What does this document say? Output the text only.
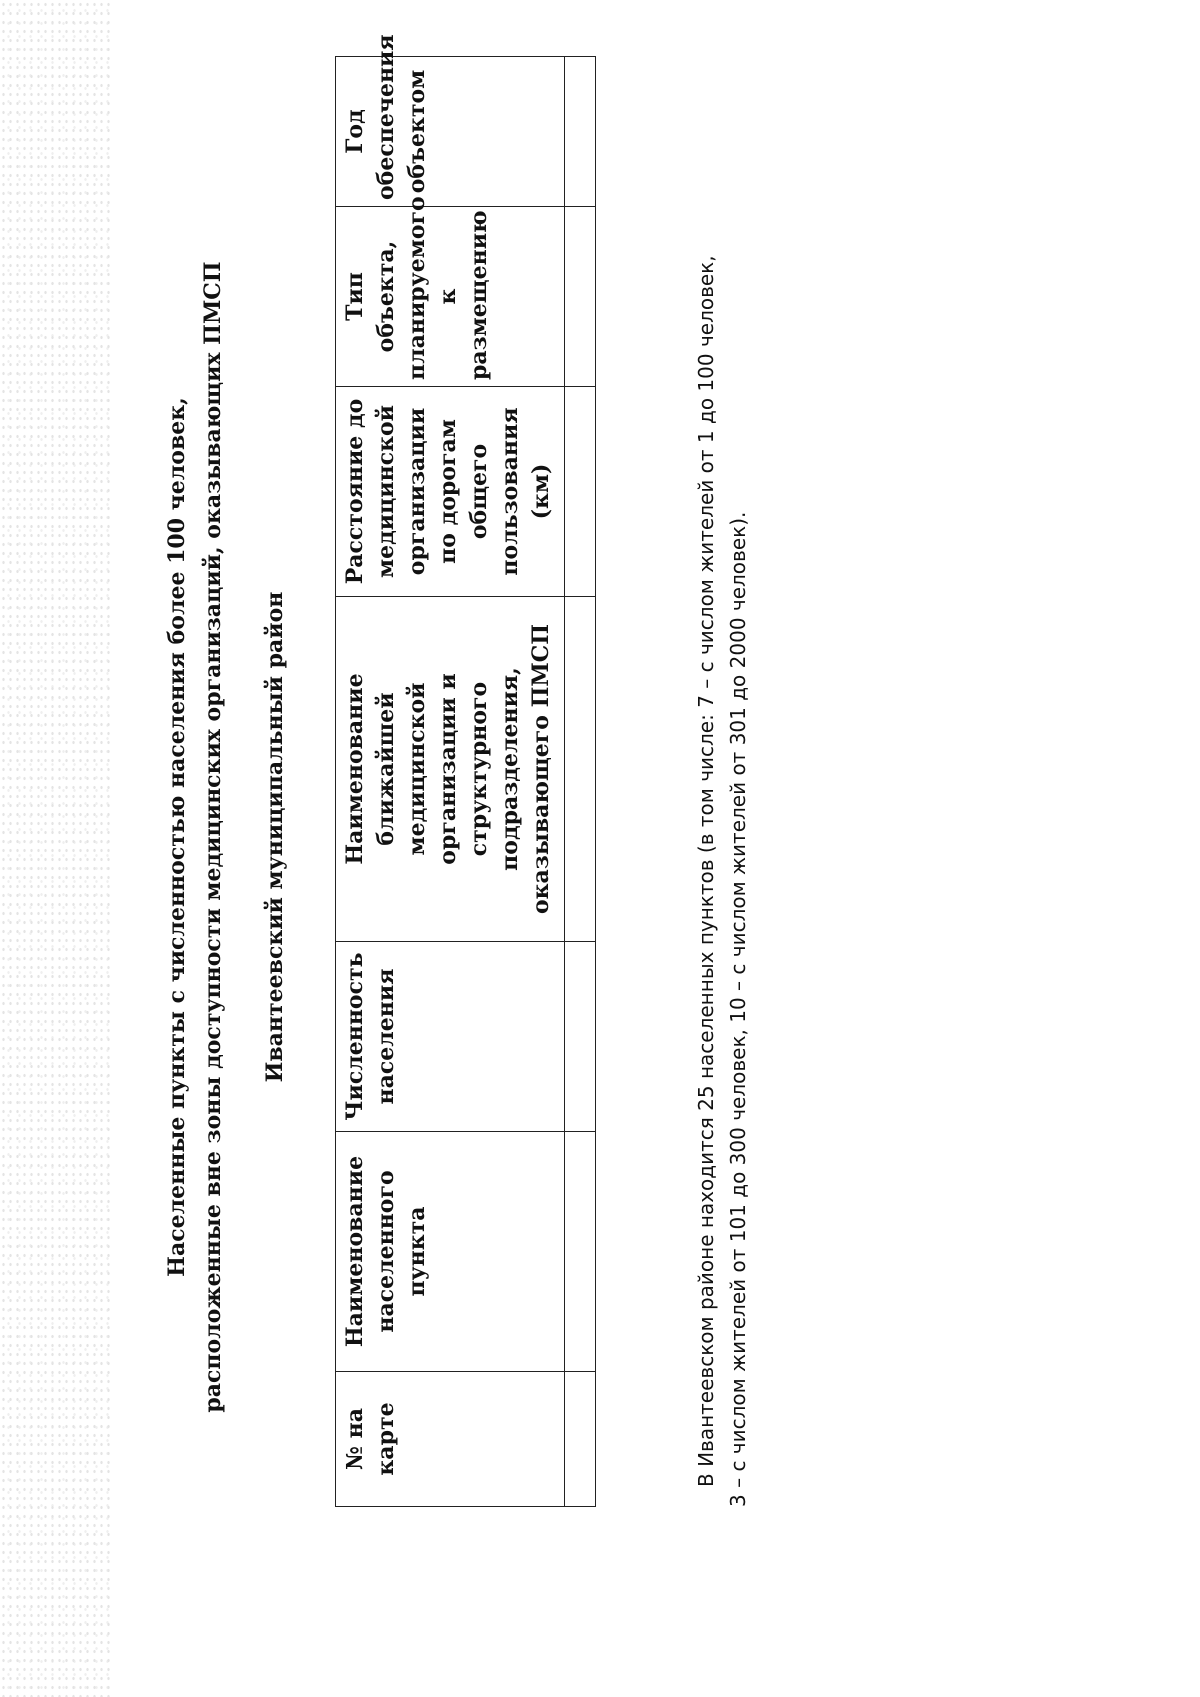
Населенные пункты с численностью населения более 100 человек, расположенные вне зоны доступности медицинских организаций, оказывающих ПМСП Ивантеевский муниципальный район
№ на карте	Наименование населенного пункта	Численность населения	Наименование ближайшей медицинской организации и структурного подразделения, оказывающего ПМСП	Расстояние до медицинской организации по дорогам общего пользования (км)	Тип объекта, планируемого к размещению	Год обеспечения объектом

В Ивантеевском районе находится 25 населенных пунктов (в том числе: 7 – с числом жителей от 1 до 100 человек, 3 – с числом жителей от 101 до 300 человек, 10 – с числом жителей от 301 до 2000 человек).
